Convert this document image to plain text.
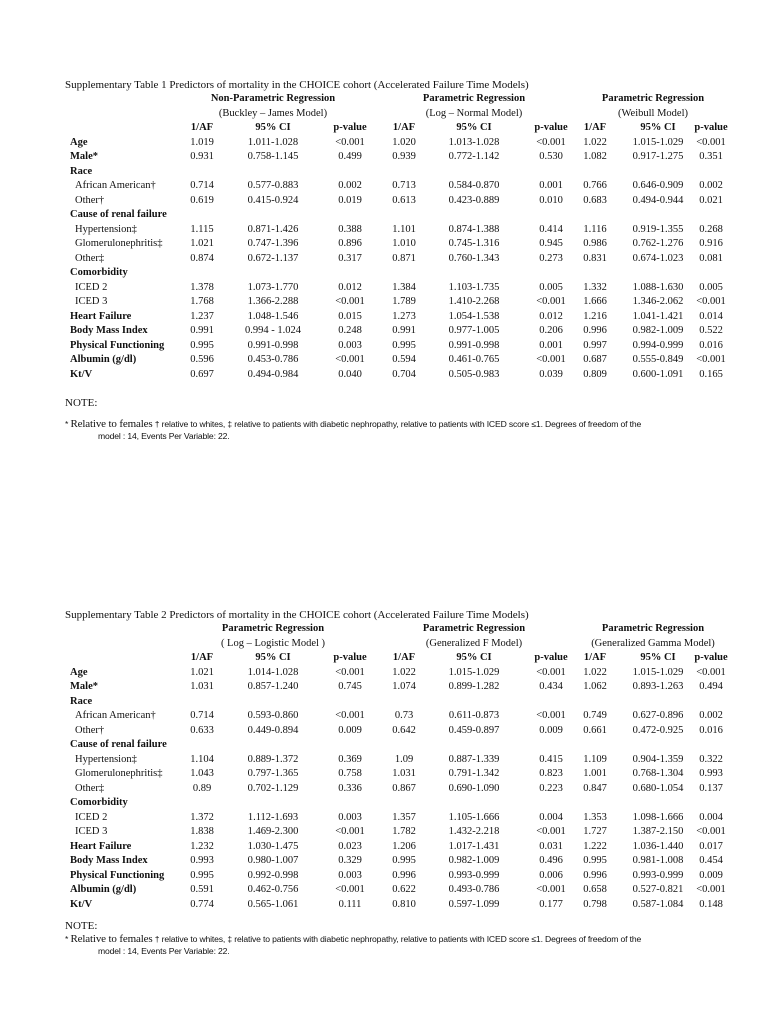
Supplementary Table 1 Predictors of mortality in the CHOICE cohort (Accelerated Failure Time Models)
Non-Parametric Regression	Parametric Regression	Parametric Regression
(Buckley – James Model)	(Log – Normal Model)	(Weibull Model)
1/AF	95% CI	p-value	1/AF	95% CI	p-value	1/AF	95% CI	p-value
Age	1.019	1.011-1.028	<0.001	1.020	1.013-1.028	<0.001	1.022	1.015-1.029	<0.001
Male*	0.931	0.758-1.145	0.499	0.939	0.772-1.142	0.530	1.082	0.917-1.275	0.351
Race
African American†	0.714	0.577-0.883	0.002	0.713	0.584-0.870	0.001	0.766	0.646-0.909	0.002
Other†	0.619	0.415-0.924	0.019	0.613	0.423-0.889	0.010	0.683	0.494-0.944	0.021
Cause of renal failure
Hypertension‡	1.115	0.871-1.426	0.388	1.101	0.874-1.388	0.414	1.116	0.919-1.355	0.268
Glomerulonephritis‡	1.021	0.747-1.396	0.896	1.010	0.745-1.316	0.945	0.986	0.762-1.276	0.916
Other‡	0.874	0.672-1.137	0.317	0.871	0.760-1.343	0.273	0.831	0.674-1.023	0.081
Comorbidity
ICED 2	1.378	1.073-1.770	0.012	1.384	1.103-1.735	0.005	1.332	1.088-1.630	0.005
ICED 3	1.768	1.366-2.288	<0.001	1.789	1.410-2.268	<0.001	1.666	1.346-2.062	<0.001
Heart Failure	1.237	1.048-1.546	0.015	1.273	1.054-1.538	0.012	1.216	1.041-1.421	0.014
Body Mass Index	0.991	0.994 - 1.024	0.248	0.991	0.977-1.005	0.206	0.996	0.982-1.009	0.522
Physical Functioning	0.995	0.991-0.998	0.003	0.995	0.991-0.998	0.001	0.997	0.994-0.999	0.016
Albumin (g/dl)	0.596	0.453-0.786	<0.001	0.594	0.461-0.765	<0.001	0.687	0.555-0.849	<0.001
Kt/V	0.697	0.494-0.984	0.040	0.704	0.505-0.983	0.039	0.809	0.600-1.091	0.165
NOTE:
* Relative to females † relative to whites, ‡ relative to patients with diabetic nephropathy, relative to patients with ICED score ≤1. Degrees of freedom of the
model : 14, Events Per Variable: 22.
Supplementary Table 2 Predictors of mortality in the CHOICE cohort (Accelerated Failure Time Models)
Parametric Regression	Parametric Regression	Parametric Regression
( Log – Logistic Model )	(Generalized F Model)	(Generalized Gamma Model)
1/AF	95% CI	p-value	1/AF	95% CI	p-value	1/AF	95% CI	p-value
Age	1.021	1.014-1.028	<0.001	1.022	1.015-1.029	<0.001	1.022	1.015-1.029	<0.001
Male*	1.031	0.857-1.240	0.745	1.074	0.899-1.282	0.434	1.062	0.893-1.263	0.494
Race
African American†	0.714	0.593-0.860	<0.001	0.73	0.611-0.873	<0.001	0.749	0.627-0.896	0.002
Other†	0.633	0.449-0.894	0.009	0.642	0.459-0.897	0.009	0.661	0.472-0.925	0.016
Cause of renal failure
Hypertension‡	1.104	0.889-1.372	0.369	1.09	0.887-1.339	0.415	1.109	0.904-1.359	0.322
Glomerulonephritis‡	1.043	0.797-1.365	0.758	1.031	0.791-1.342	0.823	1.001	0.768-1.304	0.993
Other‡	0.89	0.702-1.129	0.336	0.867	0.690-1.090	0.223	0.847	0.680-1.054	0.137
Comorbidity
ICED 2	1.372	1.112-1.693	0.003	1.357	1.105-1.666	0.004	1.353	1.098-1.666	0.004
ICED 3	1.838	1.469-2.300	<0.001	1.782	1.432-2.218	<0.001	1.727	1.387-2.150	<0.001
Heart Failure	1.232	1.030-1.475	0.023	1.206	1.017-1.431	0.031	1.222	1.036-1.440	0.017
Body Mass Index	0.993	0.980-1.007	0.329	0.995	0.982-1.009	0.496	0.995	0.981-1.008	0.454
Physical Functioning	0.995	0.992-0.998	0.003	0.996	0.993-0.999	0.006	0.996	0.993-0.999	0.009
Albumin (g/dl)	0.591	0.462-0.756	<0.001	0.622	0.493-0.786	<0.001	0.658	0.527-0.821	<0.001
Kt/V	0.774	0.565-1.061	0.111	0.810	0.597-1.099	0.177	0.798	0.587-1.084	0.148
NOTE:
* Relative to females † relative to whites, ‡ relative to patients with diabetic nephropathy, relative to patients with ICED score ≤1. Degrees of freedom of the
model : 14, Events Per Variable: 22.
